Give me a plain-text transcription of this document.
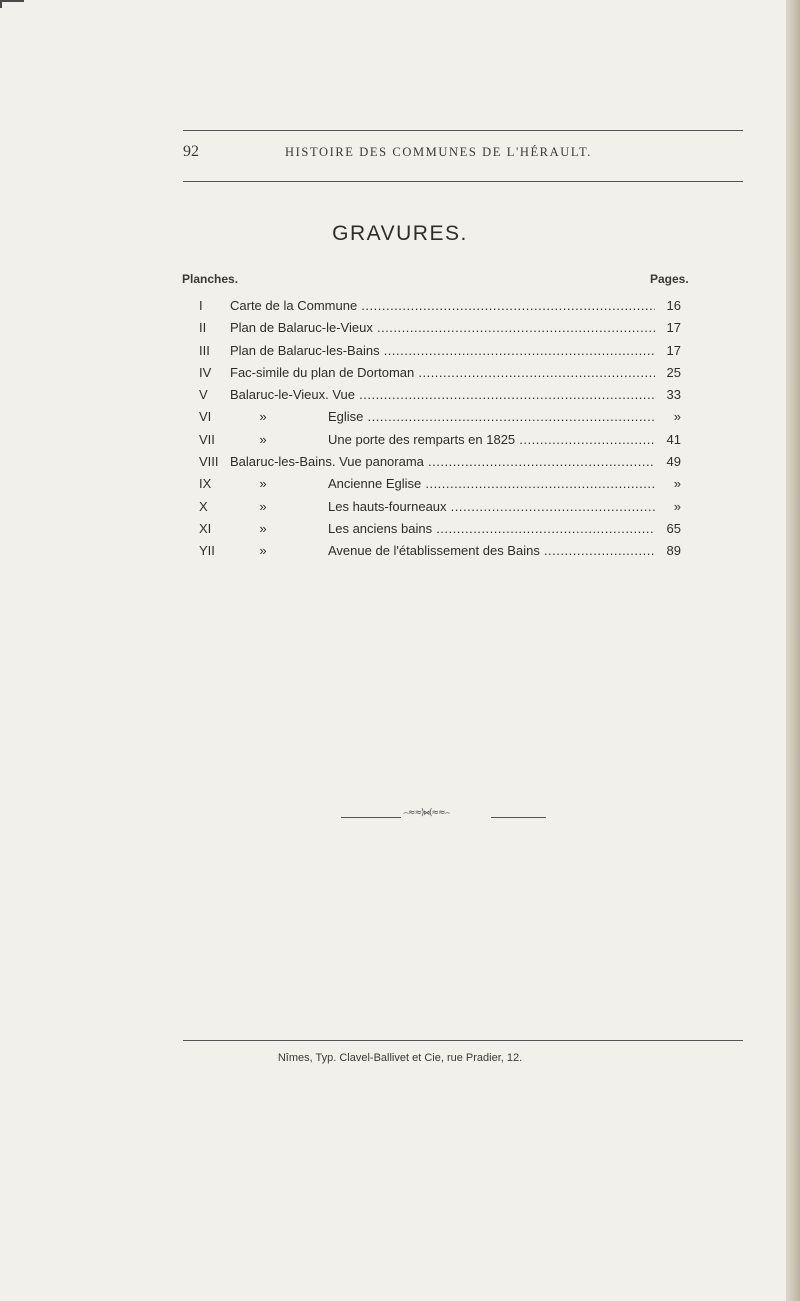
92	HISTOIRE DES COMMUNES DE L'HÉRAULT.
GRAVURES.
Planches.	Pages.
I Carte de la Commune .....	16
II Plan de Balaruc-le-Vieux .....	17
III Plan de Balaruc-les-Bains .....	17
IV Fac-simile du plan de Dortoman .....	25
V Balaruc-le-Vieux. Vue .....	33
VI	»	Eglise .....	»
VII	»	Une porte des remparts en 1825 .....	41
VIII Balaruc-les-Bains. Vue panorama .....	49
IX	»	Ancienne Eglise .....	»
X	»	Les hauts-fourneaux .....	»
XI	»	Les anciens bains .....	65
YII	»	Avenue de l'établissement des Bains .....	89
⌢≈≈⟩⋈⟨≈≈⌢
Nîmes, Typ. Clavel-Ballivet et Cie, rue Pradier, 12.
